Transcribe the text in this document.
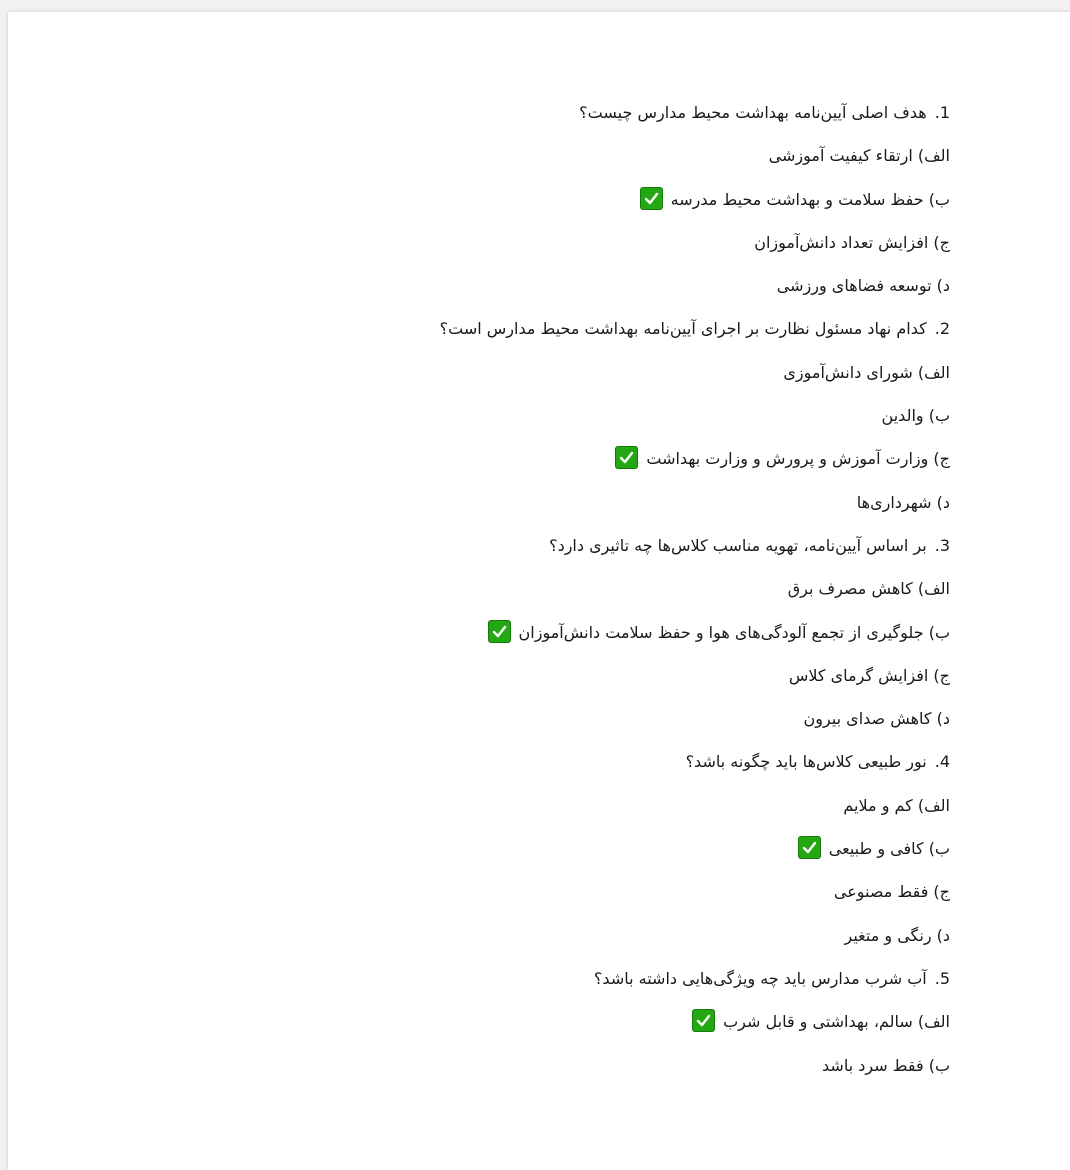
1.هدف اصلی آیین‌نامه بهداشت محیط مدارس چیست؟
الف) ارتقاء کیفیت آموزشی
ب) حفظ سلامت و بهداشت محیط مدرسه
ج) افزایش تعداد دانش‌آموزان
د) توسعه فضاهای ورزشی
2.کدام نهاد مسئول نظارت بر اجرای آیین‌نامه بهداشت محیط مدارس است؟
الف) شورای دانش‌آموزی
ب) والدین
ج) وزارت آموزش و پرورش و وزارت بهداشت
د) شهرداری‌ها
3.بر اساس آیین‌نامه، تهویه مناسب کلاس‌ها چه تاثیری دارد؟
الف) کاهش مصرف برق
ب) جلوگیری از تجمع آلودگی‌های هوا و حفظ سلامت دانش‌آموزان
ج) افزایش گرمای کلاس
د) کاهش صدای بیرون
4.نور طبیعی کلاس‌ها باید چگونه باشد؟
الف) کم و ملایم
ب) کافی و طبیعی
ج) فقط مصنوعی
د) رنگی و متغیر
5.آب شرب مدارس باید چه ویژگی‌هایی داشته باشد؟
الف) سالم، بهداشتی و قابل شرب
ب) فقط سرد باشد
